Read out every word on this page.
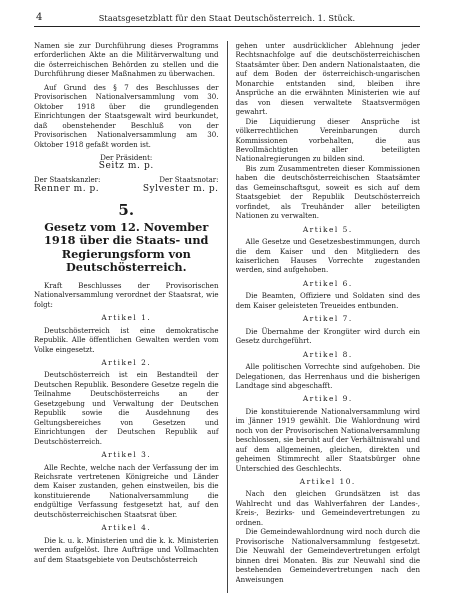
4	Staatsgesetzblatt für den Staat Deutschösterreich. 1. Stück.

Namen sie zur Durchführung dieses Programms erforderlichen Akte an die Militärverwaltung und die österreichischen Behörden zu stellen und die Durchführung dieser Maßnahmen zu überwachen.

Auf Grund des § 7 des Beschlusses der Provisorischen Nationalversammlung vom 30. Oktober 1918 über die grundlegenden Einrichtungen der Staatsgewalt wird beurkundet, daß obenstehender Beschluß von der Provisorischen Nationalversammlung am 30. Oktober 1918 gefaßt worden ist.

Der Präsident:

Seitz m. p.

Der Staatskanzler:	Der Staatsnotar:
Renner m. p.	Sylvester m. p.
5.
Gesetz vom 12. November 1918 über die Staats- und Regierungsform von Deutschösterreich.

Kraft Beschlusses der Provisorischen Nationalversammlung verordnet der Staatsrat, wie folgt:

Artikel 1.

Deutschösterreich ist eine demokratische Republik. Alle öffentlichen Gewalten werden vom Volke eingesetzt.

Artikel 2.

Deutschösterreich ist ein Bestandteil der Deutschen Republik. Besondere Gesetze regeln die Teilnahme Deutschösterreichs an der Gesetzgebung und Verwaltung der Deutschen Republik sowie die Ausdehnung des Geltungsbereiches von Gesetzen und Einrichtungen der Deutschen Republik auf Deutschösterreich.

Artikel 3.

Alle Rechte, welche nach der Verfassung der im Reichsrate vertretenen Königreiche und Länder dem Kaiser zustanden, gehen einstweilen, bis die konstituierende Nationalversammlung die endgültige Verfassung festgesetzt hat, auf den deutschösterreichischen Staatsrat über.

Artikel 4.

Die k. u. k. Ministerien und die k. k. Ministerien werden aufgelöst. Ihre Aufträge und Vollmachten auf dem Staatsgebiete von Deutschösterreich

gehen unter ausdrücklicher Ablehnung jeder Rechtsnachfolge auf die deutschösterreichischen Staatsämter über. Den andern Nationalstaaten, die auf dem Boden der österreichisch-ungarischen Monarchie entstanden sind, bleiben ihre Ansprüche an die erwähnten Ministerien wie auf das von diesen verwaltete Staatsvermögen gewahrt.

Die Liquidierung dieser Ansprüche ist völkerrechtlichen Vereinbarungen durch Kommissionen vorbehalten, die aus Bevollmächtigten aller beteiligten Nationalregierungen zu bilden sind.

Bis zum Zusammentreten dieser Kommissionen haben die deutschösterreichischen Staatsämter das Gemeinschaftsgut, soweit es sich auf dem Staatsgebiet der Republik Deutschösterreich vorfindet, als Treuhänder aller beteiligten Nationen zu verwalten.

Artikel 5.

Alle Gesetze und Gesetzesbestimmungen, durch die dem Kaiser und den Mitgliedern des kaiserlichen Hauses Vorrechte zugestanden werden, sind aufgehoben.

Artikel 6.

Die Beamten, Offiziere und Soldaten sind des dem Kaiser geleisteten Treueides entbunden.

Artikel 7.

Die Übernahme der Krongüter wird durch ein Gesetz durchgeführt.

Artikel 8.

Alle politischen Vorrechte sind aufgehoben. Die Delegationen, das Herrenhaus und die bisherigen Landtage sind abgeschafft.

Artikel 9.

Die konstituierende Nationalversammlung wird im Jänner 1919 gewählt. Die Wahlordnung wird noch von der Provisorischen Nationalversammlung beschlossen, sie beruht auf der Verhältniswahl und auf dem allgemeinen, gleichen, direkten und geheimen Stimmrecht aller Staatsbürger ohne Unterschied des Geschlechts.

Artikel 10.

Nach den gleichen Grundsätzen ist das Wahlrecht und das Wahlverfahren der Landes-, Kreis-, Bezirks- und Gemeindevertretungen zu ordnen.

Die Gemeindewahlordnung wird noch durch die Provisorische Nationalversammlung festgesetzt. Die Neuwahl der Gemeindevertretungen erfolgt binnen drei Monaten. Bis zur Neuwahl sind die bestehenden Gemeindevertretungen nach den Anweisungen
